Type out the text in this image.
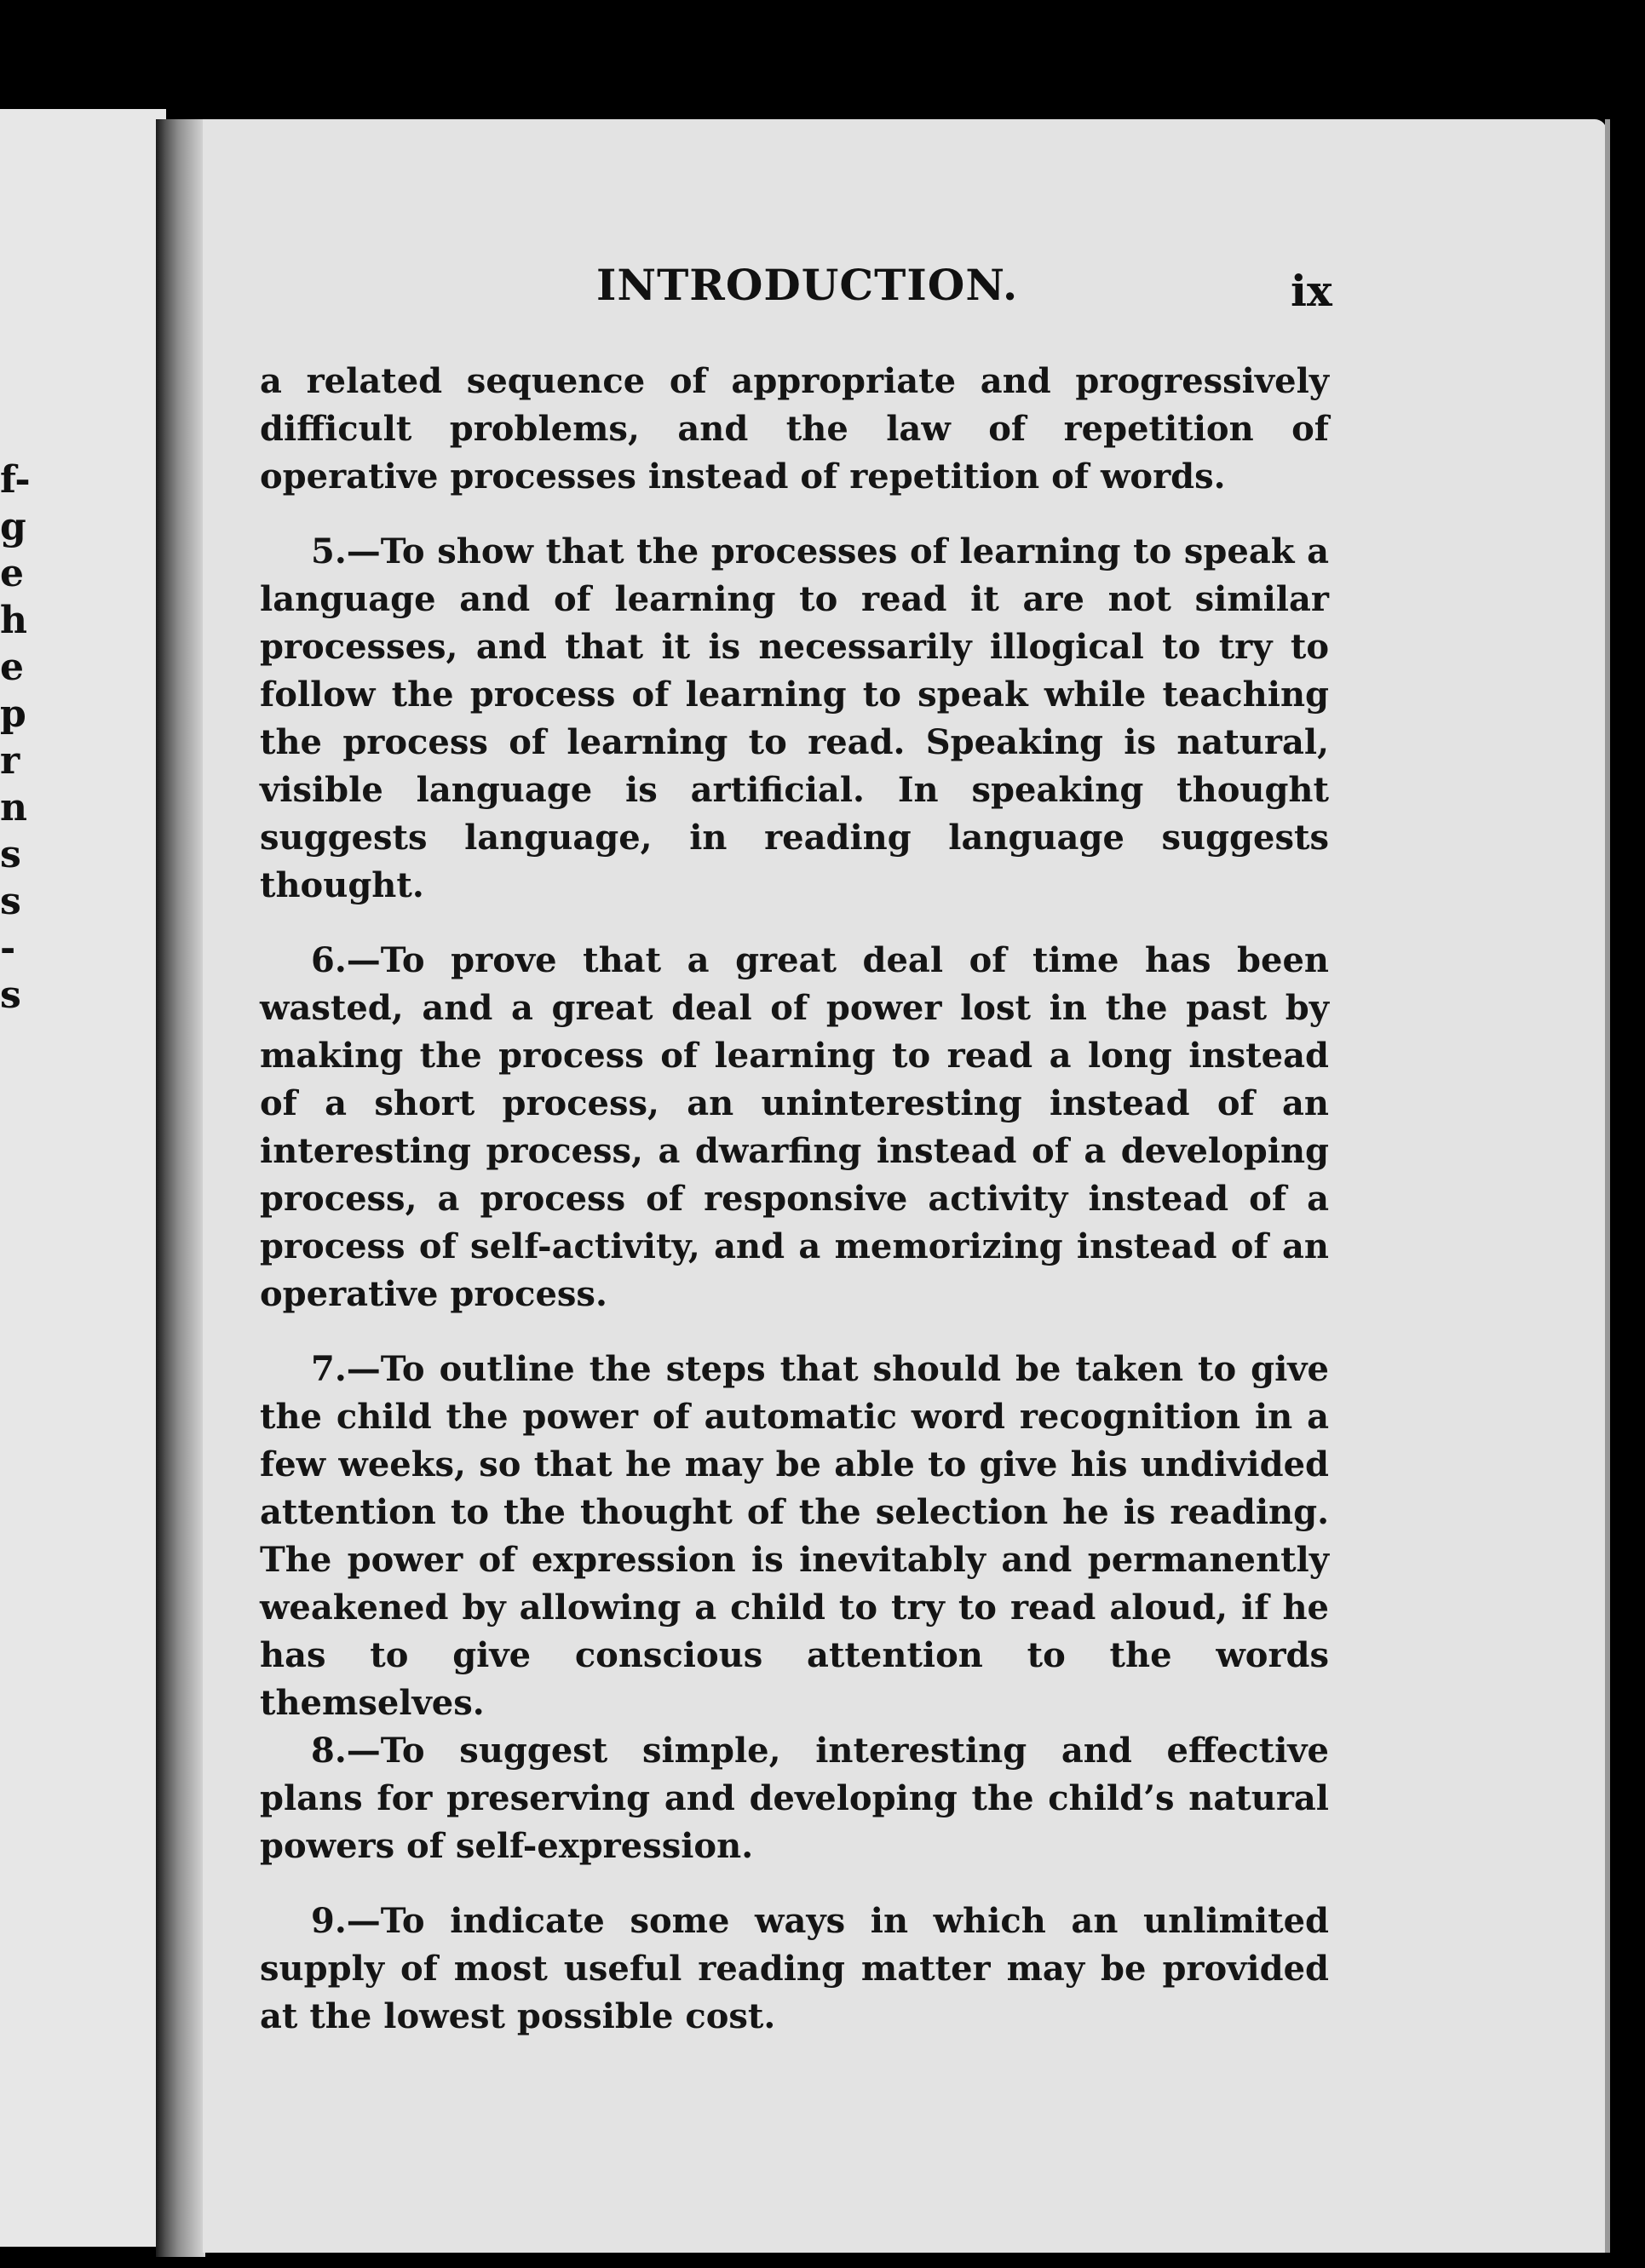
f-
g
e
h
e
p
r
n
s
s
-
s
INTRODUCTION.	ix

a related sequence of appropriate and progressively difficult problems, and the law of repetition of operative processes instead of repetition of words.

5.—To show that the processes of learning to speak a language and of learning to read it are not similar processes, and that it is necessarily illogical to try to follow the process of learning to speak while teaching the process of learning to read. Speaking is natural, visible language is artificial. In speaking thought suggests language, in reading language suggests thought.

6.—To prove that a great deal of time has been wasted, and a great deal of power lost in the past by making the process of learning to read a long instead of a short process, an uninteresting instead of an interesting process, a dwarfing instead of a developing process, a process of responsive activity instead of a process of self-activity, and a memorizing instead of an operative process.

7.—To outline the steps that should be taken to give the child the power of automatic word recognition in a few weeks, so that he may be able to give his undivided attention to the thought of the selection he is reading. The power of expression is inevitably and permanently weakened by allowing a child to try to read aloud, if he has to give conscious attention to the words themselves.

8.—To suggest simple, interesting and effective plans for preserving and developing the child’s natural powers of self-expression.

9.—To indicate some ways in which an unlimited supply of most useful reading matter may be provided at the lowest possible cost.
